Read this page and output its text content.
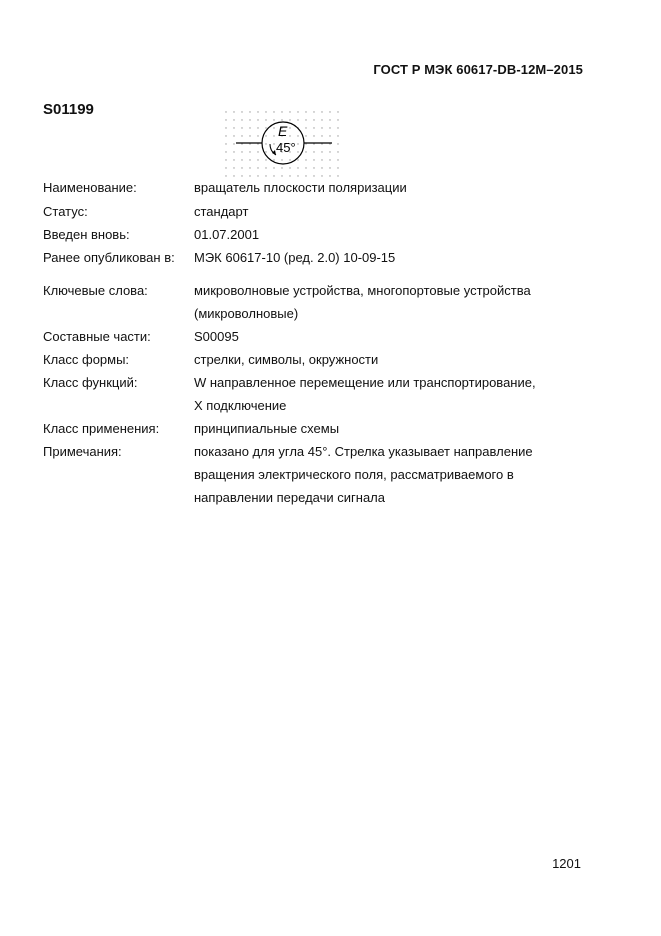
ГОСТ Р МЭК 60617-DB-12M–2015
S01199
E
45°
Наименование:	вращатель плоскости поляризации
Статус:	стандарт
Введен вновь:	01.07.2001
Ранее опубликован в:	МЭК 60617-10 (ред. 2.0) 10-09-15
Ключевые слова:	микроволновые устройства, многопортовые устройства
(микроволновые)
Составные части:	S00095
Класс формы:	стрелки, символы, окружности
Класс функций:	W направленное перемещение или транспортирование,
X подключение
Класс применения:	принципиальные схемы
Примечания:	показано для угла 45°. Стрелка указывает направление
вращения электрического поля, рассматриваемого в
направлении передачи сигнала
1201
